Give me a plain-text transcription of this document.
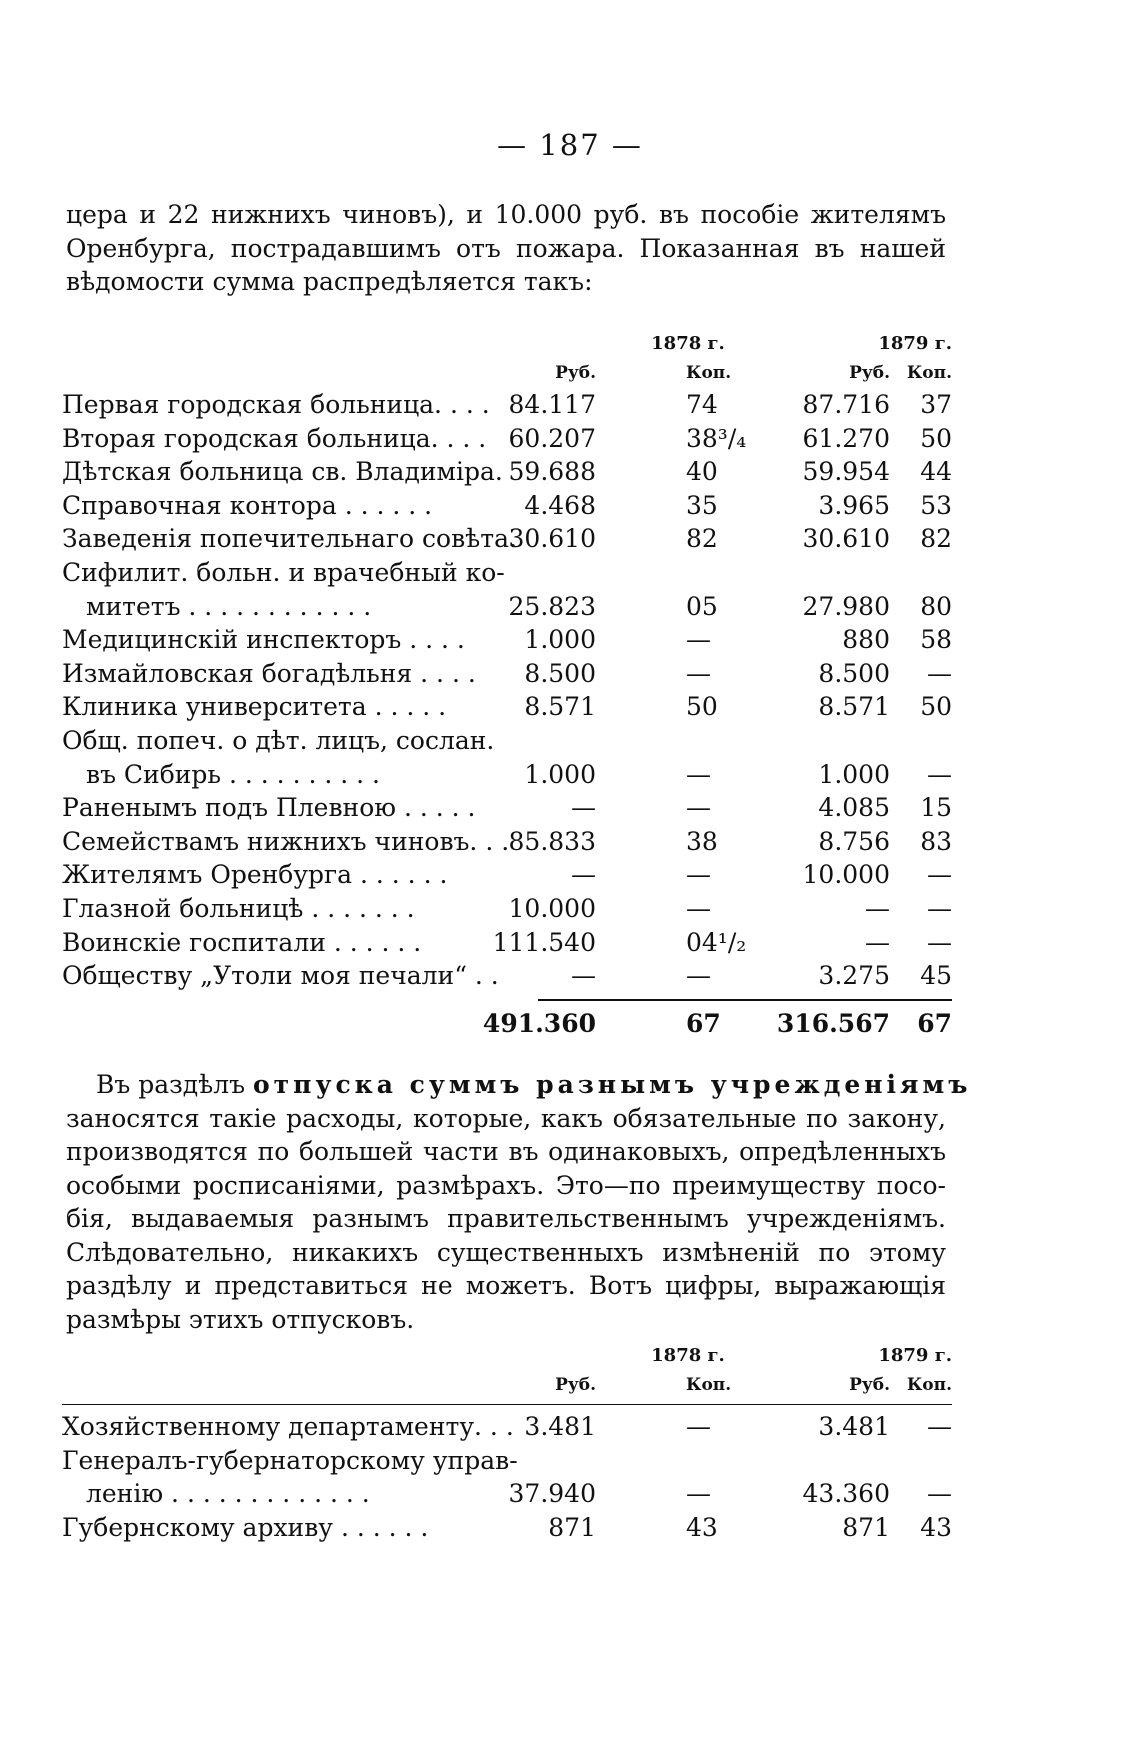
— 187 —
цера и 22 нижнихъ чиновъ), и 10.000 руб. въ пособіе жителямъ
Оренбурга, пострадавшимъ отъ пожара. Показанная въ нашей
вѣдомости сумма распредѣляется такъ:
1878 г.	1879 г.
Руб.	Коп.	Руб. Коп.
Первая городская больница. . . . 84.117	74	87.716	37
Вторая городская больница. . . . 60.207	38³/₄	61.270	50
Дѣтская больница св. Владиміра. 59.688	40	59.954	44
Справочная контора . . . . . .	4.468	35	3.965	53
Заведенія попечительнаго совѣта.
30.610	82	30.610	82
Сифилит. больн. и врачебный ко-
митетъ . . . . . . . . . . . .	25.823	05	27.980	80
Медицинскій инспекторъ . . . .	1.000	—	880	58
Измайловская богадѣльня . . . .	8.500	—	8.500	—
Клиника университета . . . . .	8.571	50	8.571	50
Общ. попеч. о дѣт. лицъ, сослан.
въ Сибирь . . . . . . . . . .	1.000	—	1.000	—
Раненымъ подъ Плевною . . . . .	—	—	4.085	15
Семействамъ нижнихъ чиновъ. . . 85.833	38	8.756	83
Жителямъ Оренбурга . . . . . .	—	—	10.000	—
Глазной больницѣ . . . . . . .	10.000	—	—	—
Воинскіе госпитали . . . . . .	111.540	04¹/₂	—	—
Обществу „Утоли моя печали“ . .	—	—	3.275	45
491.360	67	316.567	67
Въ раздѣлъ отпуска суммъ разнымъ учрежденіямъ
заносятся такіе расходы, которые, какъ обязательные по закону,
производятся по большей части въ одинаковыхъ, опредѣленныхъ
особыми росписаніями, размѣрахъ. Это—по преимуществу посо-
бія, выдаваемыя разнымъ правительственнымъ учрежденіямъ.
Слѣдовательно, никакихъ существенныхъ измѣненій по этому
раздѣлу и представиться не можетъ. Вотъ цифры, выражающія
размѣры этихъ отпусковъ.
1878 г.	1879 г.
Руб.	Коп.	Руб. Коп.
Хозяйственному департаменту. . . 3.481	—	3.481	—
Генералъ-губернаторскому управ-
ленію . . . . . . . . . . . . .	37.940	—	43.360	—
Губернскому архиву . . . . . .	871	43	871	43
